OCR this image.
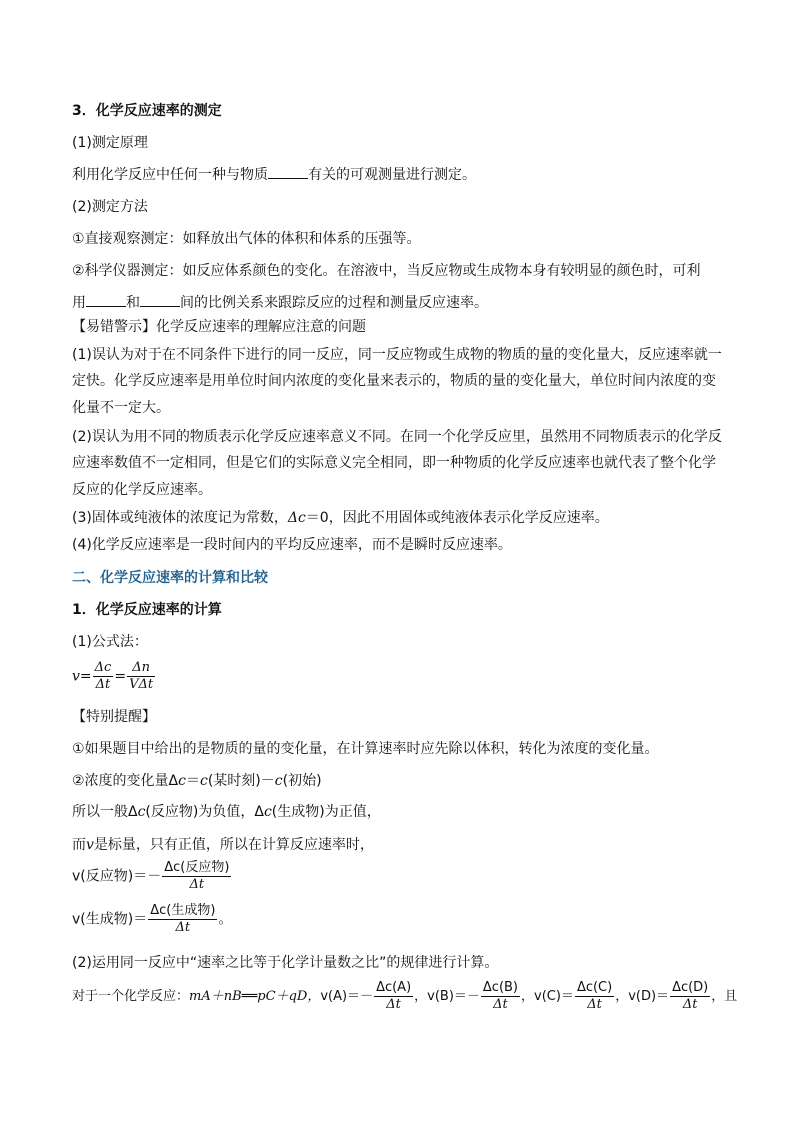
3．化学反应速率的测定
(1)测定原理
利用化学反应中任何一种与物质	有关的可观测量进行测定。
(2)测定方法
①直接观察测定：如释放出气体的体积和体系的压强等。
②科学仪器测定：如反应体系颜色的变化。在溶液中，当反应物或生成物本身有较明显的颜色时，可利
用	和	间的比例关系来跟踪反应的过程和测量反应速率。
【易错警示】化学反应速率的理解应注意的问题
(1)误认为对于在不同条件下进行的同一反应，同一反应物或生成物的物质的量的变化量大，反应速率就一
定快。化学反应速率是用单位时间内浓度的变化量来表示的，物质的量的变化量大，单位时间内浓度的变
化量不一定大。
(2)误认为用不同的物质表示化学反应速率意义不同。在同一个化学反应里，虽然用不同物质表示的化学反
应速率数值不一定相同，但是它们的实际意义完全相同，即一种物质的化学反应速率也就代表了整个化学
反应的化学反应速率。
(3)固体或纯液体的浓度记为常数，Δc＝0，因此不用固体或纯液体表示化学反应速率。
(4)化学反应速率是一段时间内的平均反应速率，而不是瞬时反应速率。
二、化学反应速率的计算和比较
1．化学反应速率的计算
(1)公式法：
$v= \frac{\Delta c}{\Delta t} = \frac{\Delta n}{\text{VΔt}}$
【特别提醒】
①如果题目中给出的是物质的量的变化量，在计算速率时应先除以体积，转化为浓度的变化量。
②浓度的变化量Δc＝c(某时刻)－c(初始)
所以一般Δc(反应物)为负值，Δc(生成物)为正值，
而v是标量，只有正值，所以在计算反应速率时，
v(反应物)＝－ $\frac{\text{Δc(反应物)}}{\Delta t}$
v(生成物)＝ $\frac{\text{Δc(生成物)}}{\Delta t}$ 。
(2)运用同一反应中“速率之比等于化学计量数之比”的规律进行计算。
对于一个化学反应：mA＋nB══pC＋qD，$v(A)=- \frac{\Delta c(A)}{\Delta t}$ ，$v(B)=- \frac{\Delta c(B)}{\Delta t}$ ，$v(C)= \frac{\Delta c(C)}{\Delta t}$ ，$v(D)= \frac{\Delta c(D)}{\Delta t}$ ，且
